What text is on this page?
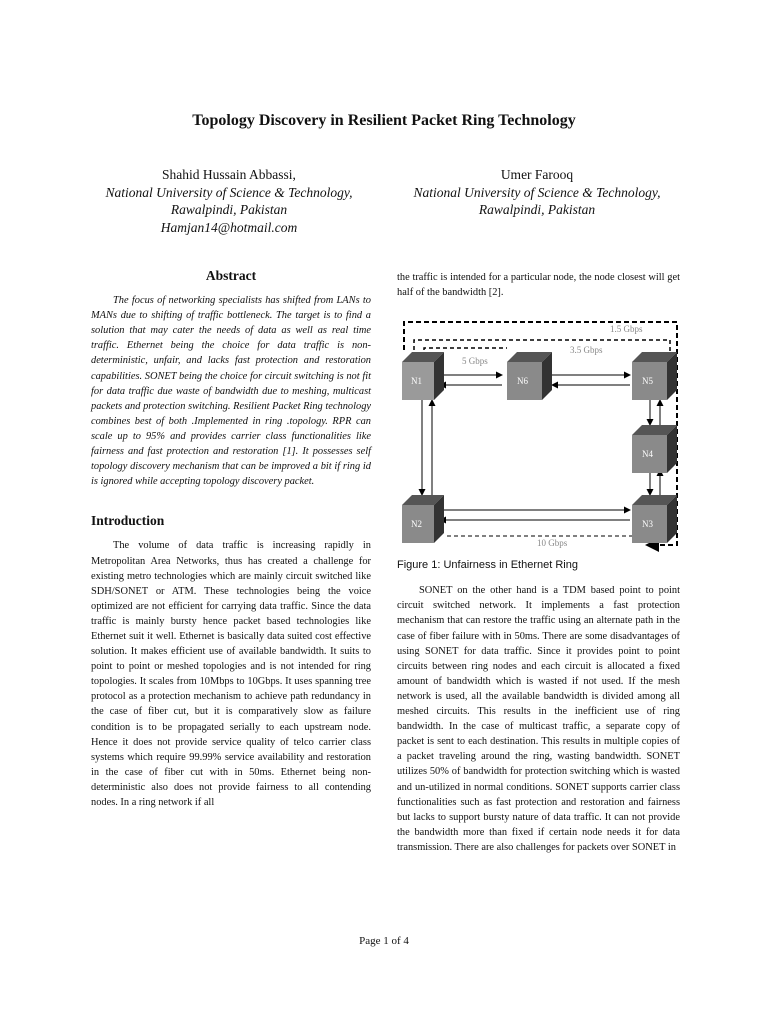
Topology Discovery in Resilient Packet Ring Technology
Shahid Hussain Abbassi,
National University of Science & Technology,
Rawalpindi, Pakistan
Hamjan14@hotmail.com
Umer Farooq
National University of Science & Technology,
Rawalpindi, Pakistan
Abstract

The focus of networking specialists has shifted from LANs to MANs due to shifting of traffic bottleneck. The target is to find a solution that may cater the needs of data as well as real time traffic. Ethernet being the choice for data traffic is non-deterministic, unfair, and lacks fast protection and restoration capabilities. SONET being the choice for circuit switching is not fit for data traffic due waste of bandwidth due to meshing, multicast packets and protection switching. Resilient Packet Ring technology combines best of both .Implemented in ring .topology. RPR can scale up to 95% and provides carrier class functionalities like fairness and fast protection and restoration [1]. It possesses self topology discovery mechanism that can be improved a bit if ring id is ignored while accepting topology discovery packet.

Introduction

The volume of data traffic is increasing rapidly in Metropolitan Area Networks, thus has created a challenge for existing metro technologies which are mainly circuit switched like SDH/SONET or ATM. These technologies being the voice optimized are not efficient for carrying data traffic. Since the data traffic is mainly bursty hence packet based technologies like Ethernet suit it well. Ethernet is basically data suited cost effective solution. It makes efficient use of available bandwidth. It suits to point to point or meshed topologies and is not intended for ring topologies. It scales from 10Mbps to 10Gbps. It uses spanning tree protocol as a protection mechanism to achieve path redundancy in the case of fiber cut, but it is comparatively slow as failure condition is to be propagated serially to each upstream node. Hence it does not provide service quality of telco carrier class systems which require 99.99% service availability and restoration in the case of fiber cut with in 50ms. Ethernet being non-deterministic also does not provide fairness to all contending nodes. In a ring network if all

the traffic is intended for a particular node, the node closest will get half of the bandwidth [2].

1.5 Gbps
3.5 Gbps
5 Gbps
10 Gbps
N1	N6	N5
N4
N2	N3
Figure 1: Unfairness in Ethernet Ring

SONET on the other hand is a TDM based point to point circuit switched network. It implements a fast protection mechanism that can restore the traffic using an alternate path in the case of fiber failure with in 50ms. There are some disadvantages of using SONET for data traffic. Since it provides point to point circuits between ring nodes and each circuit is allocated a fixed amount of bandwidth which is wasted if not used. If the mesh network is used, all the available bandwidth is divided among all meshed circuits. This results in the inefficient use of ring bandwidth. In the case of multicast traffic, a separate copy of packet is sent to each destination. This results in multiple copies of a packet traveling around the ring, wasting bandwidth. SONET utilizes 50% of bandwidth for protection switching which is wasted and un-utilized in normal conditions. SONET supports carrier class functionalities such as fast protection and restoration and fairness but lacks to support bursty nature of data traffic. It can not provide the bandwidth more than fixed if certain node needs it for data transmission. There are also challenges for packets over SONET in

Page 1 of 4
